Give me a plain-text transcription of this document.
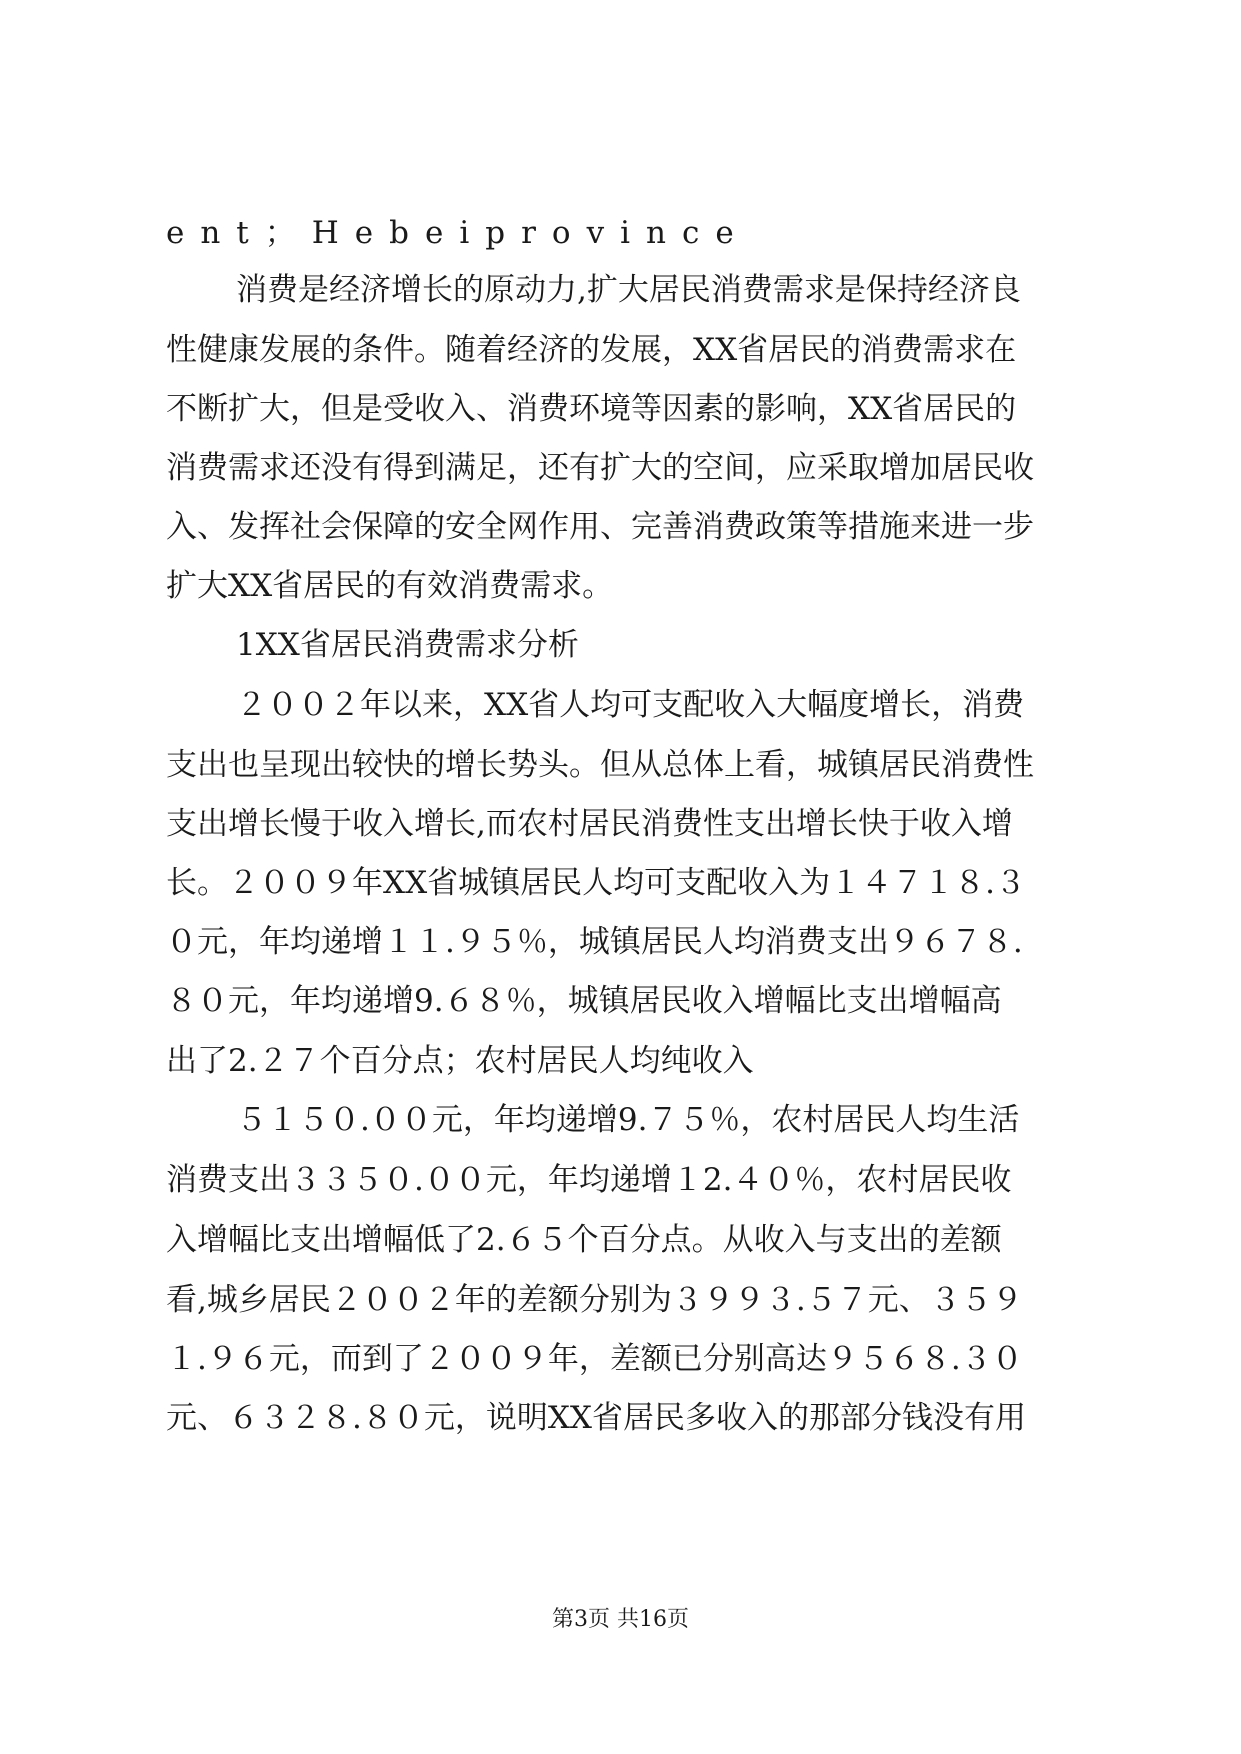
ent；Hebeiprovince

消费是经济增长的原动力,扩大居民消费需求是保持经济良

性健康发展的条件。随着经济的发展，XX省居民的消费需求在

不断扩大，但是受收入、消费环境等因素的影响，XX省居民的

消费需求还没有得到满足，还有扩大的空间，应采取增加居民收

入、发挥社会保障的安全网作用、完善消费政策等措施来进一步

扩大XX省居民的有效消费需求。

1XX省居民消费需求分析

２００２年以来，XX省人均可支配收入大幅度增长，消费

支出也呈现出较快的增长势头。但从总体上看，城镇居民消费性

支出增长慢于收入增长,而农村居民消费性支出增长快于收入增

长。２００９年XX省城镇居民人均可支配收入为１４７１８.３

０元，年均递增１１.９５％，城镇居民人均消费支出９６７８.

８０元，年均递增9.６８％，城镇居民收入增幅比支出增幅高

出了2.２７个百分点；农村居民人均纯收入

５１５０.００元，年均递增9.７５％，农村居民人均生活

消费支出３３５０.００元，年均递增１2.４０％，农村居民收

入增幅比支出增幅低了2.６５个百分点。从收入与支出的差额

看,城乡居民２００２年的差额分别为３９９３.５７元、３５９

１.９６元，而到了２００９年，差额已分别高达９５６８.３０

元、６３２８.８０元，说明XX省居民多收入的那部分钱没有用

第3页 共16页
